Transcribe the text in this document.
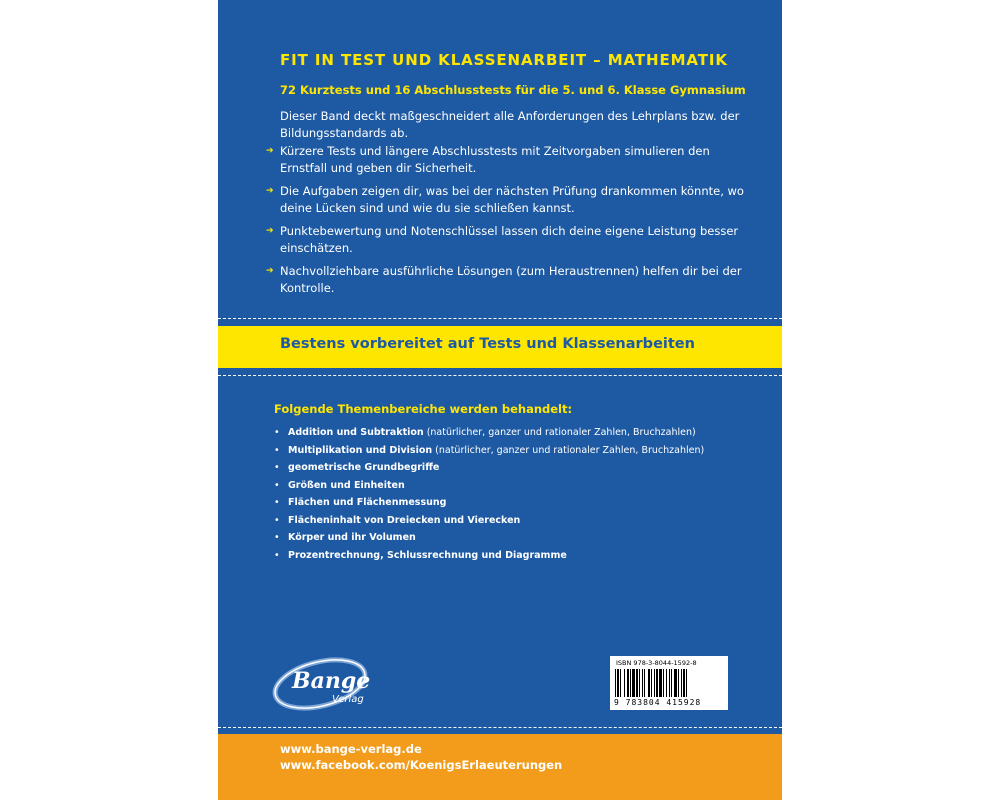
FIT IN TEST UND KLASSENARBEIT – MATHEMATIK
72 Kurztests und 16 Abschlusstests für die 5. und 6. Klasse Gymnasium
Dieser Band deckt maßgeschneidert alle Anforderungen des Lehrplans bzw. der Bildungsstandards ab.
➔ Kürzere Tests und längere Abschlusstests mit Zeitvorgaben simulieren den Ernstfall und geben dir Sicherheit.
➔ Die Aufgaben zeigen dir, was bei der nächsten Prüfung drankommen könnte, wo deine Lücken sind und wie du sie schließen kannst.
➔ Punktebewertung und Notenschlüssel lassen dich deine eigene Leistung besser einschätzen.
➔ Nachvollziehbare ausführliche Lösungen (zum Heraustrennen) helfen dir bei der Kontrolle.
Bestens vorbereitet auf Tests und Klassenarbeiten
Folgende Themenbereiche werden behandelt:
• Addition und Subtraktion (natürlicher, ganzer und rationaler Zahlen, Bruchzahlen)
• Multiplikation und Division (natürlicher, ganzer und rationaler Zahlen, Bruchzahlen)
• geometrische Grundbegriffe
• Größen und Einheiten
• Flächen und Flächenmessung
• Flächeninhalt von Dreiecken und Vierecken
• Körper und ihr Volumen
• Prozentrechnung, Schlussrechnung und Diagramme
Bange
Verlag
ISBN 978-3-8044-1592-8
9 783804 415928
www.bange-verlag.de
www.facebook.com/KoenigsErlaeuterungen
